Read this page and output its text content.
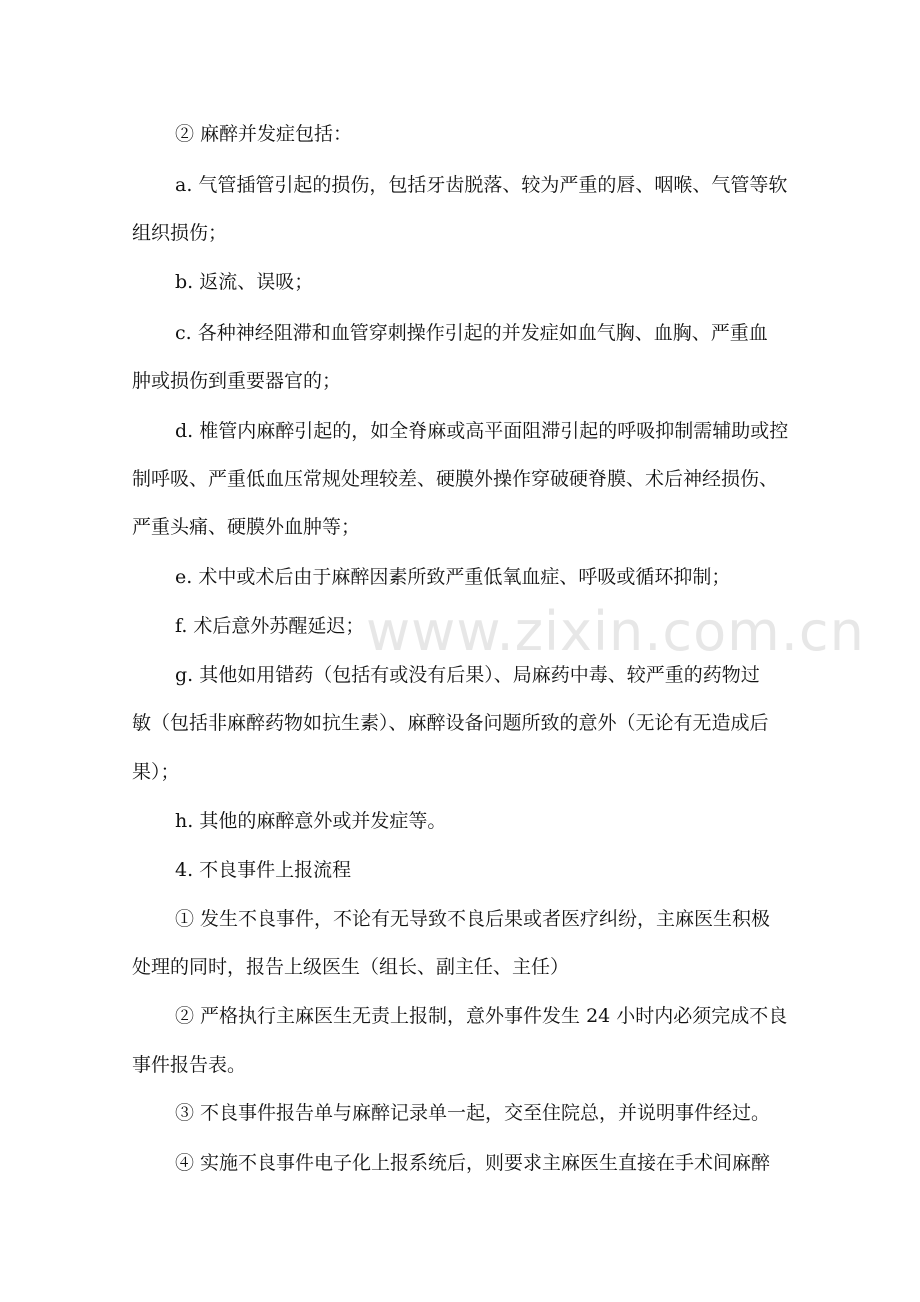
② 麻醉并发症包括：
a. 气管插管引起的损伤，包括牙齿脱落、较为严重的唇、咽喉、气管等软
组织损伤；
b. 返流、误吸；
c. 各种神经阻滞和血管穿刺操作引起的并发症如血气胸、血胸、严重血
肿或损伤到重要器官的；
d. 椎管内麻醉引起的，如全脊麻或高平面阻滞引起的呼吸抑制需辅助或控
制呼吸、严重低血压常规处理较差、硬膜外操作穿破硬脊膜、术后神经损伤、
严重头痛、硬膜外血肿等；
e. 术中或术后由于麻醉因素所致严重低氧血症、呼吸或循环抑制；
f. 术后意外苏醒延迟；
g. 其他如用错药（包括有或没有后果）、局麻药中毒、较严重的药物过
敏（包括非麻醉药物如抗生素）、麻醉设备问题所致的意外（无论有无造成后
果）；
h. 其他的麻醉意外或并发症等。
4. 不良事件上报流程
① 发生不良事件，不论有无导致不良后果或者医疗纠纷，主麻医生积极
处理的同时，报告上级医生（组长、副主任、主任）
② 严格执行主麻医生无责上报制，意外事件发生 24 小时内必须完成不良
事件报告表。
③ 不良事件报告单与麻醉记录单一起，交至住院总，并说明事件经过。
④ 实施不良事件电子化上报系统后，则要求主麻医生直接在手术间麻醉
www.zixin.com.cn
